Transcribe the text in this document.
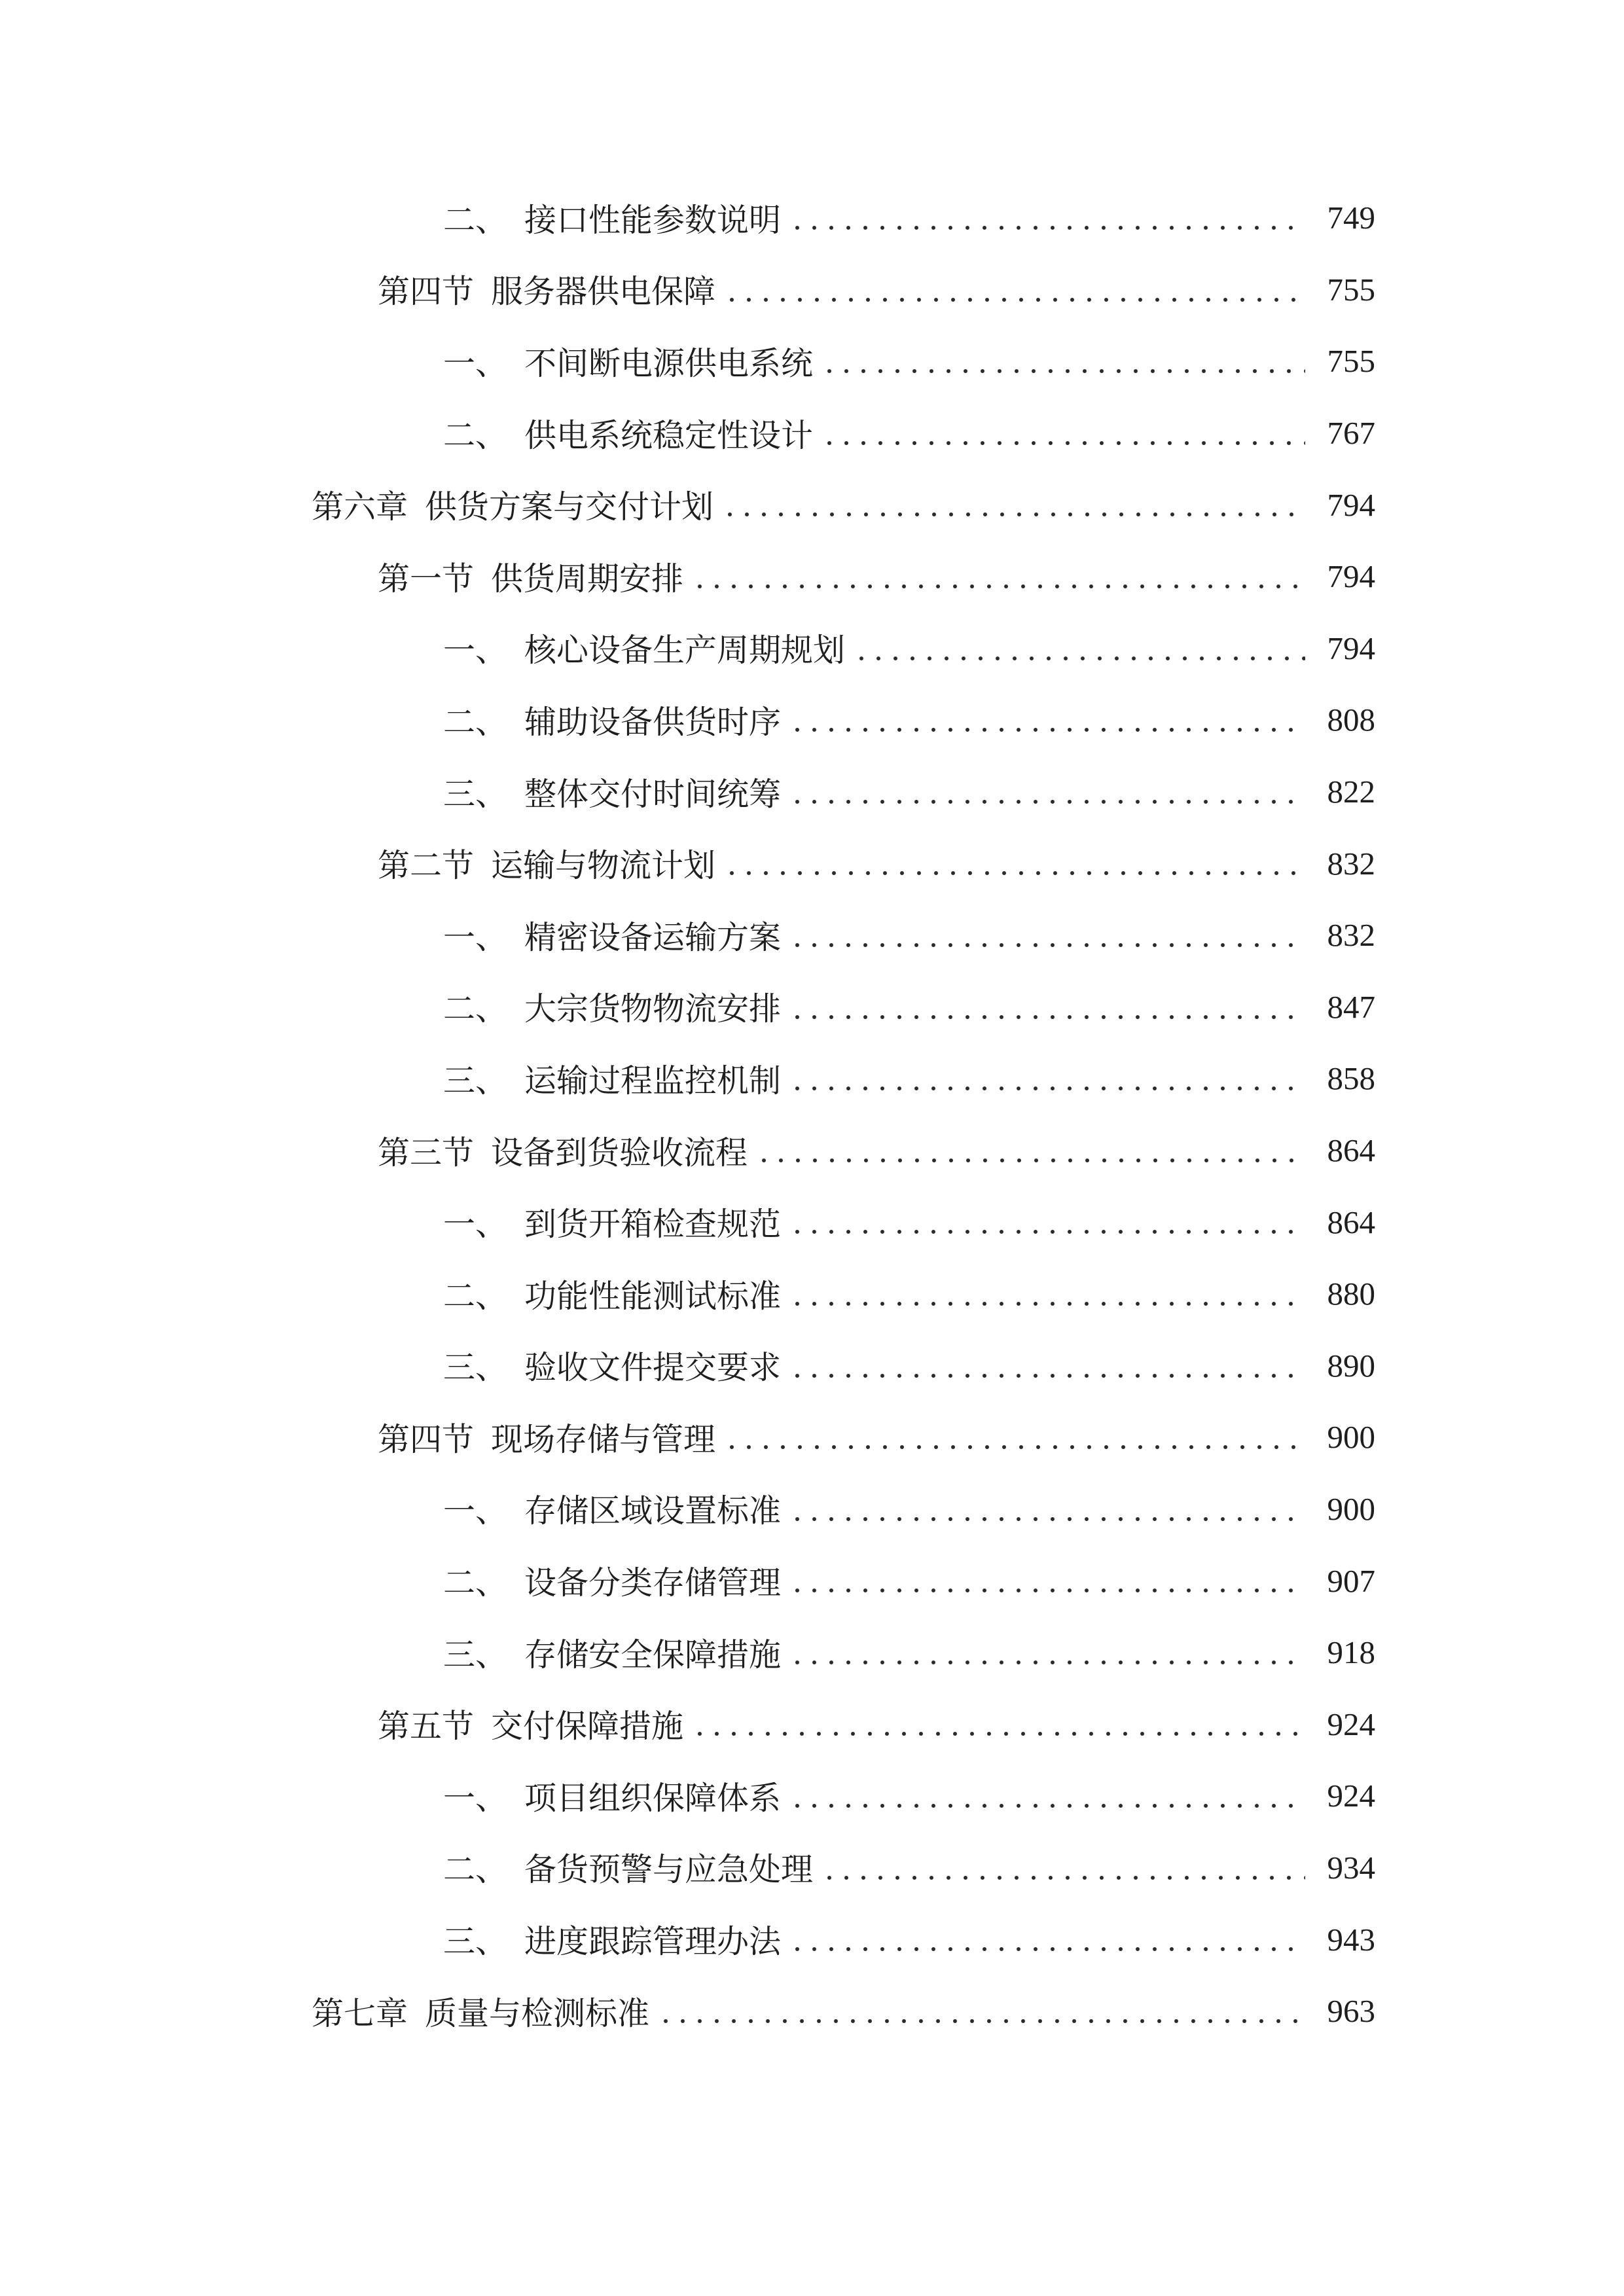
二、 接口性能参数说明	749
第四节 服务器供电保障	755
一、 不间断电源供电系统	755
二、 供电系统稳定性设计	767
第六章 供货方案与交付计划	794
第一节 供货周期安排	794
一、 核心设备生产周期规划	794
二、 辅助设备供货时序	808
三、 整体交付时间统筹	822
第二节 运输与物流计划	832
一、 精密设备运输方案	832
二、 大宗货物物流安排	847
三、 运输过程监控机制	858
第三节 设备到货验收流程	864
一、 到货开箱检查规范	864
二、 功能性能测试标准	880
三、 验收文件提交要求	890
第四节 现场存储与管理	900
一、 存储区域设置标准	900
二、 设备分类存储管理	907
三、 存储安全保障措施	918
第五节 交付保障措施	924
一、 项目组织保障体系	924
二、 备货预警与应急处理	934
三、 进度跟踪管理办法	943
第七章 质量与检测标准	963
